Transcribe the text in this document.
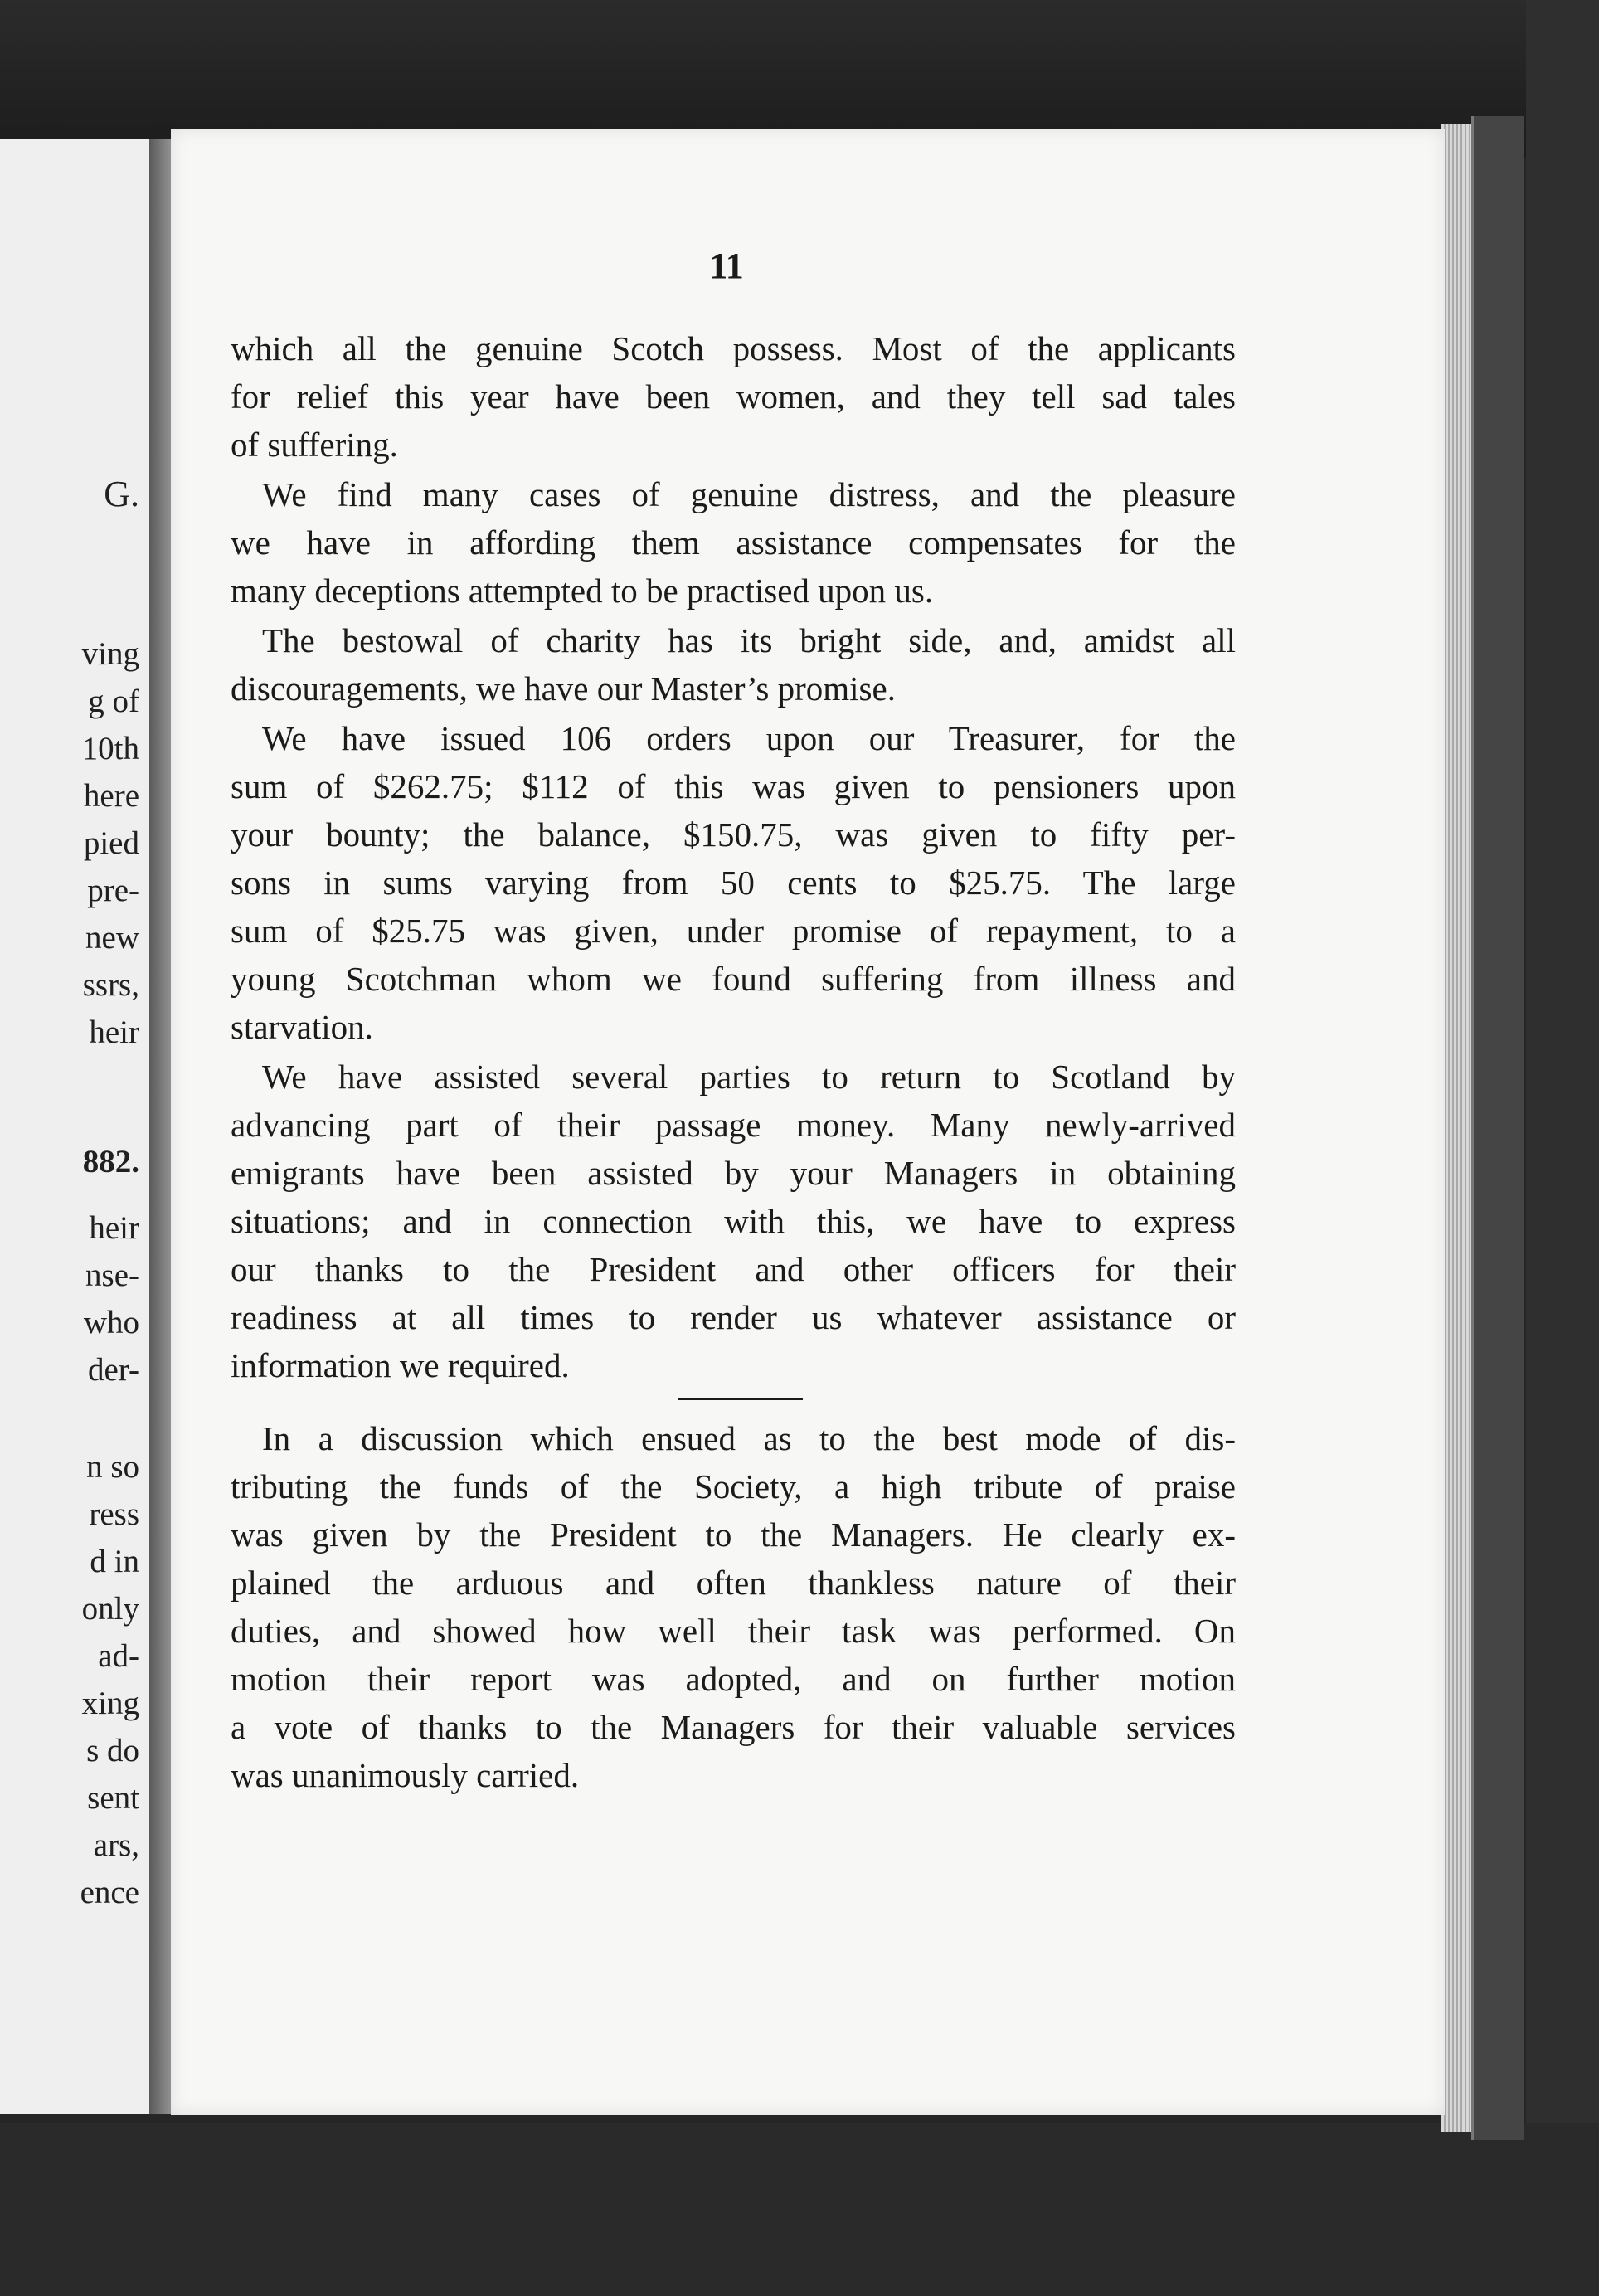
G.
ving
g of
10th
here
pied
pre-
new
ssrs,
heir
882.
heir
nse-
who
der-
n so
ress
d in
only
ad-
xing
s do
sent
ars,
ence
11
which all the genuine Scotch possess. Most of the applicants
for relief this year have been women, and they tell sad tales
of suffering.
We find many cases of genuine distress, and the pleasure
we have in affording them assistance compensates for the
many deceptions attempted to be practised upon us.
The bestowal of charity has its bright side, and, amidst all
discouragements, we have our Master’s promise.
We have issued 106 orders upon our Treasurer, for the
sum of $262.75; $112 of this was given to pensioners upon
your bounty; the balance, $150.75, was given to fifty per-
sons in sums varying from 50 cents to $25.75. The large
sum of $25.75 was given, under promise of repayment, to a
young Scotchman whom we found suffering from illness and
starvation.
We have assisted several parties to return to Scotland by
advancing part of their passage money. Many newly-arrived
emigrants have been assisted by your Managers in obtaining
situations; and in connection with this, we have to express
our thanks to the President and other officers for their
readiness at all times to render us whatever assistance or
information we required.
In a discussion which ensued as to the best mode of dis-
tributing the funds of the Society, a high tribute of praise
was given by the President to the Managers. He clearly ex-
plained the arduous and often thankless nature of their
duties, and showed how well their task was performed. On
motion their report was adopted, and on further motion
a vote of thanks to the Managers for their valuable services
was unanimously carried.
